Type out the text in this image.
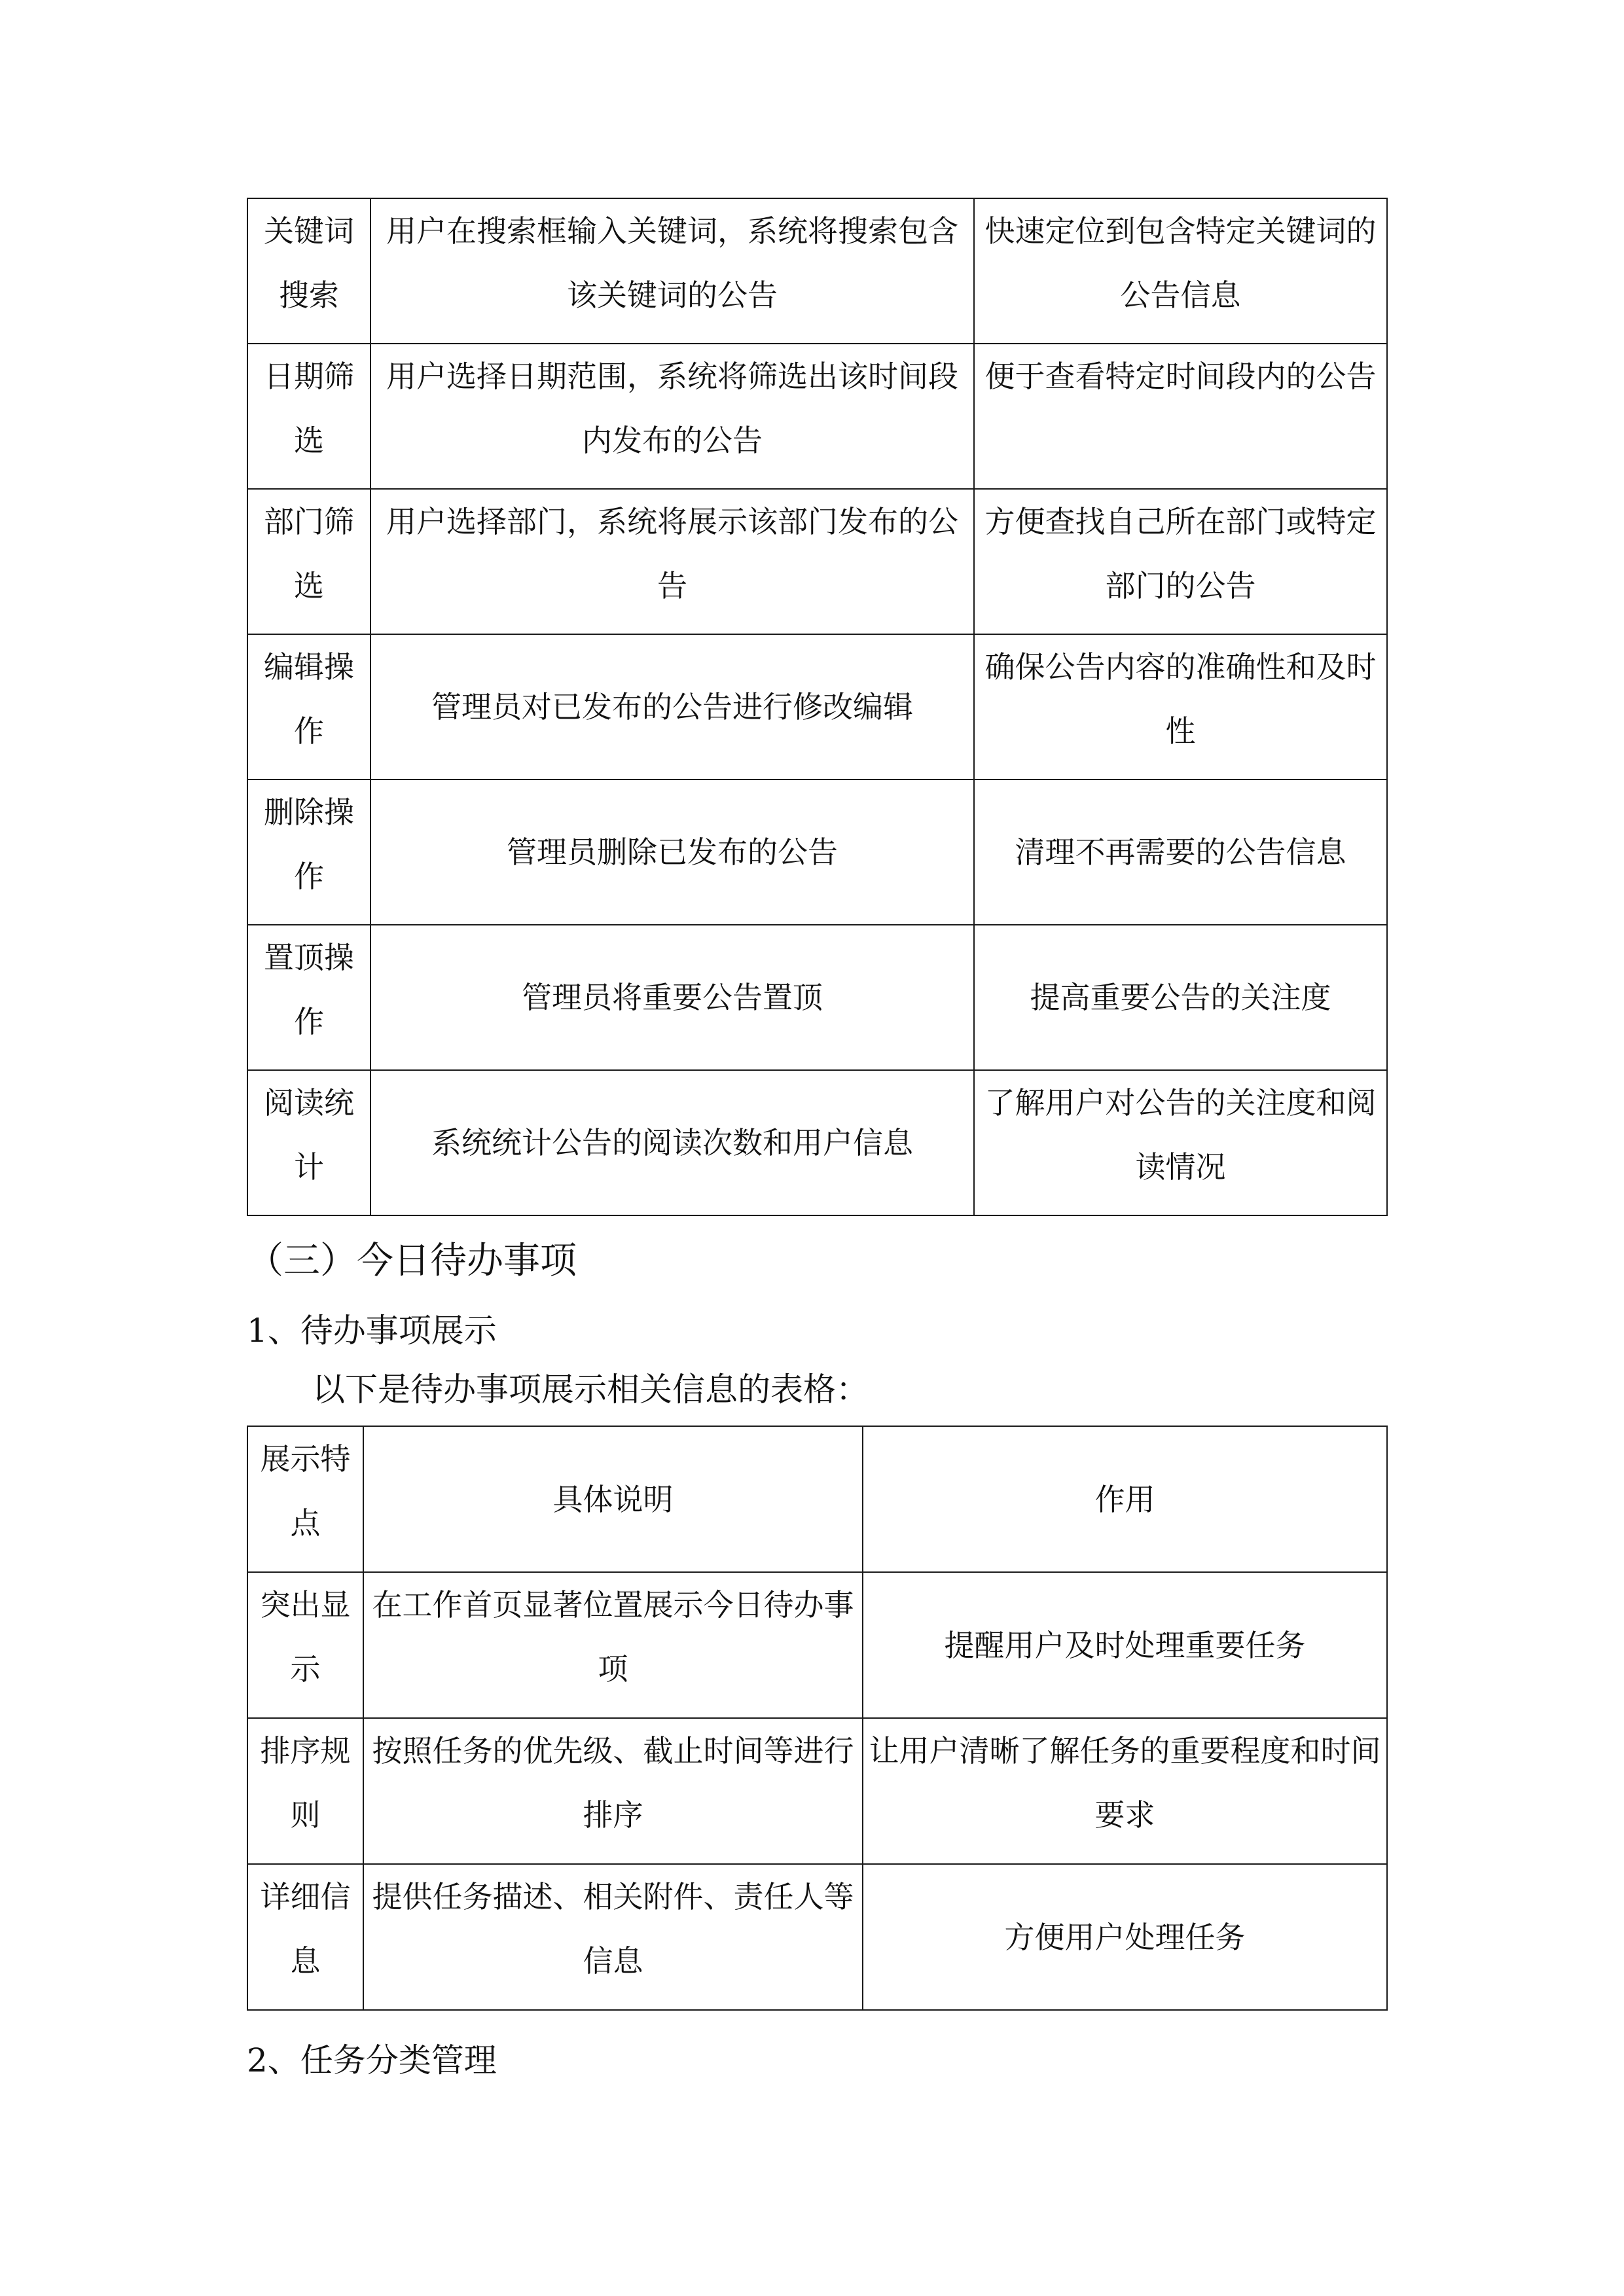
关键词搜索	用户在搜索框输入关键词，系统将搜索包含该关键词的公告	快速定位到包含特定关键词的公告信息
日期筛选	用户选择日期范围，系统将筛选出该时间段内发布的公告	便于查看特定时间段内的公告
部门筛选	用户选择部门，系统将展示该部门发布的公告	方便查找自己所在部门或特定部门的公告
编辑操作	管理员对已发布的公告进行修改编辑	确保公告内容的准确性和及时性
删除操作	管理员删除已发布的公告	清理不再需要的公告信息
置顶操作	管理员将重要公告置顶	提高重要公告的关注度
阅读统计	系统统计公告的阅读次数和用户信息	了解用户对公告的关注度和阅读情况

（三）今日待办事项

1、待办事项展示

以下是待办事项展示相关信息的表格：

展示特点	具体说明	作用
突出显示	在工作首页显著位置展示今日待办事项	提醒用户及时处理重要任务
排序规则	按照任务的优先级、截止时间等进行排序	让用户清晰了解任务的重要程度和时间要求
详细信息	提供任务描述、相关附件、责任人等信息	方便用户处理任务

2、任务分类管理
